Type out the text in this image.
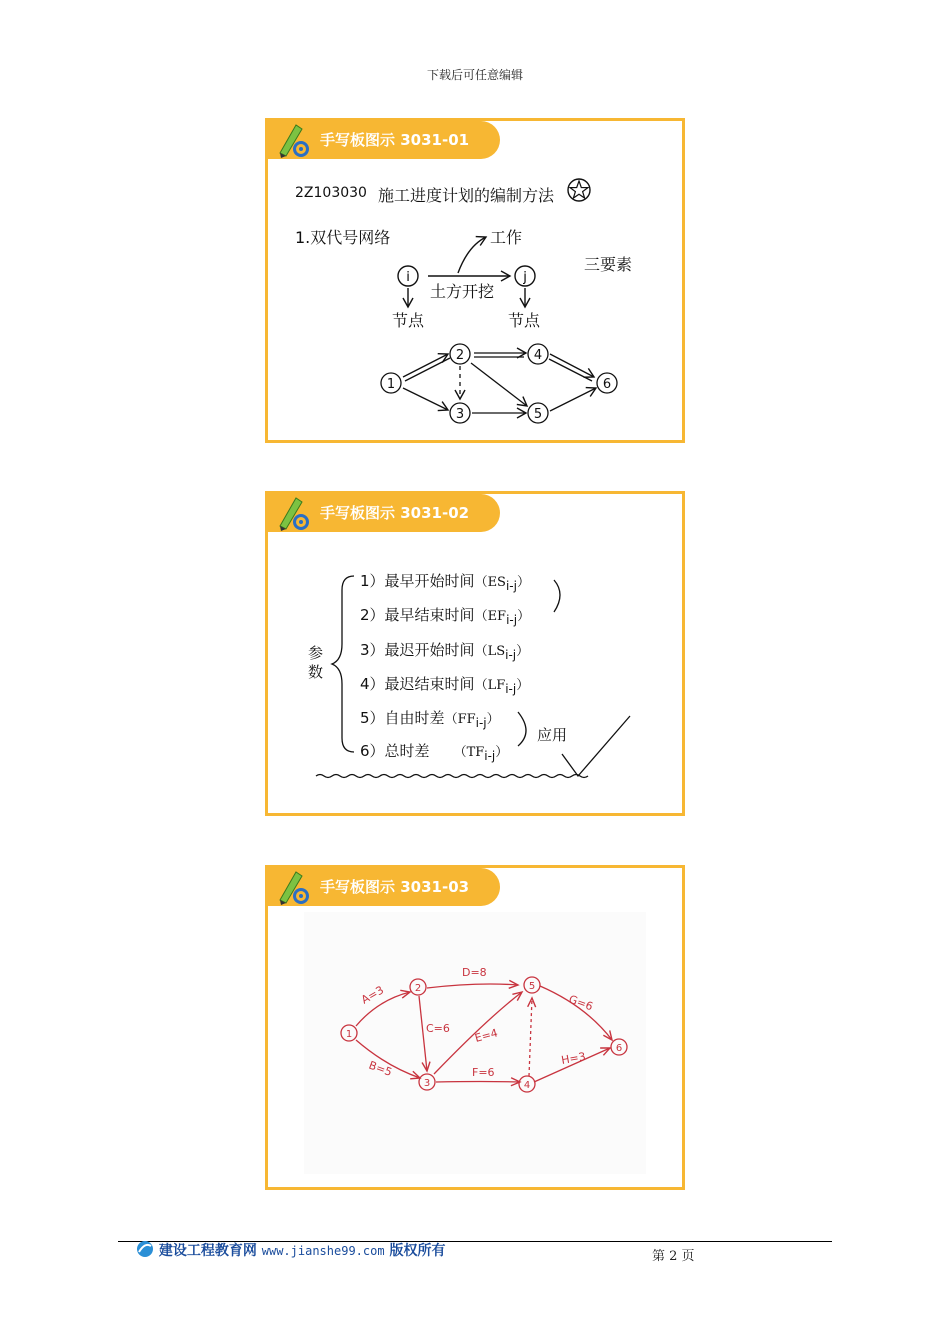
下载后可任意编辑
手写板图示 3031-01
2Z103030 施工进度计划的编制方法
1.双代号网络	工作
三要素
土方开挖
节点	节点
i	j
1
2
3
4
5
6
手写板图示 3031-02
参数
1）最早开始时间$(ES_{i-j})$
2）最早结束时间$(EF_{i-j})$
3）最迟开始时间$(LS_{i-j})$
4）最迟结束时间$(LF_{i-j})$
5）自由时差$(FF_{i-j})$
6）总时差 $(TF_{i-j})$
应用
手写板图示 3031-03
1
2
3	4
5
6
A=3
B=5
C=6
D=8
E=4
F=6
G=6
H=3
建设工程教育网 www.jianshe99.com 版权所有	第 2 页
